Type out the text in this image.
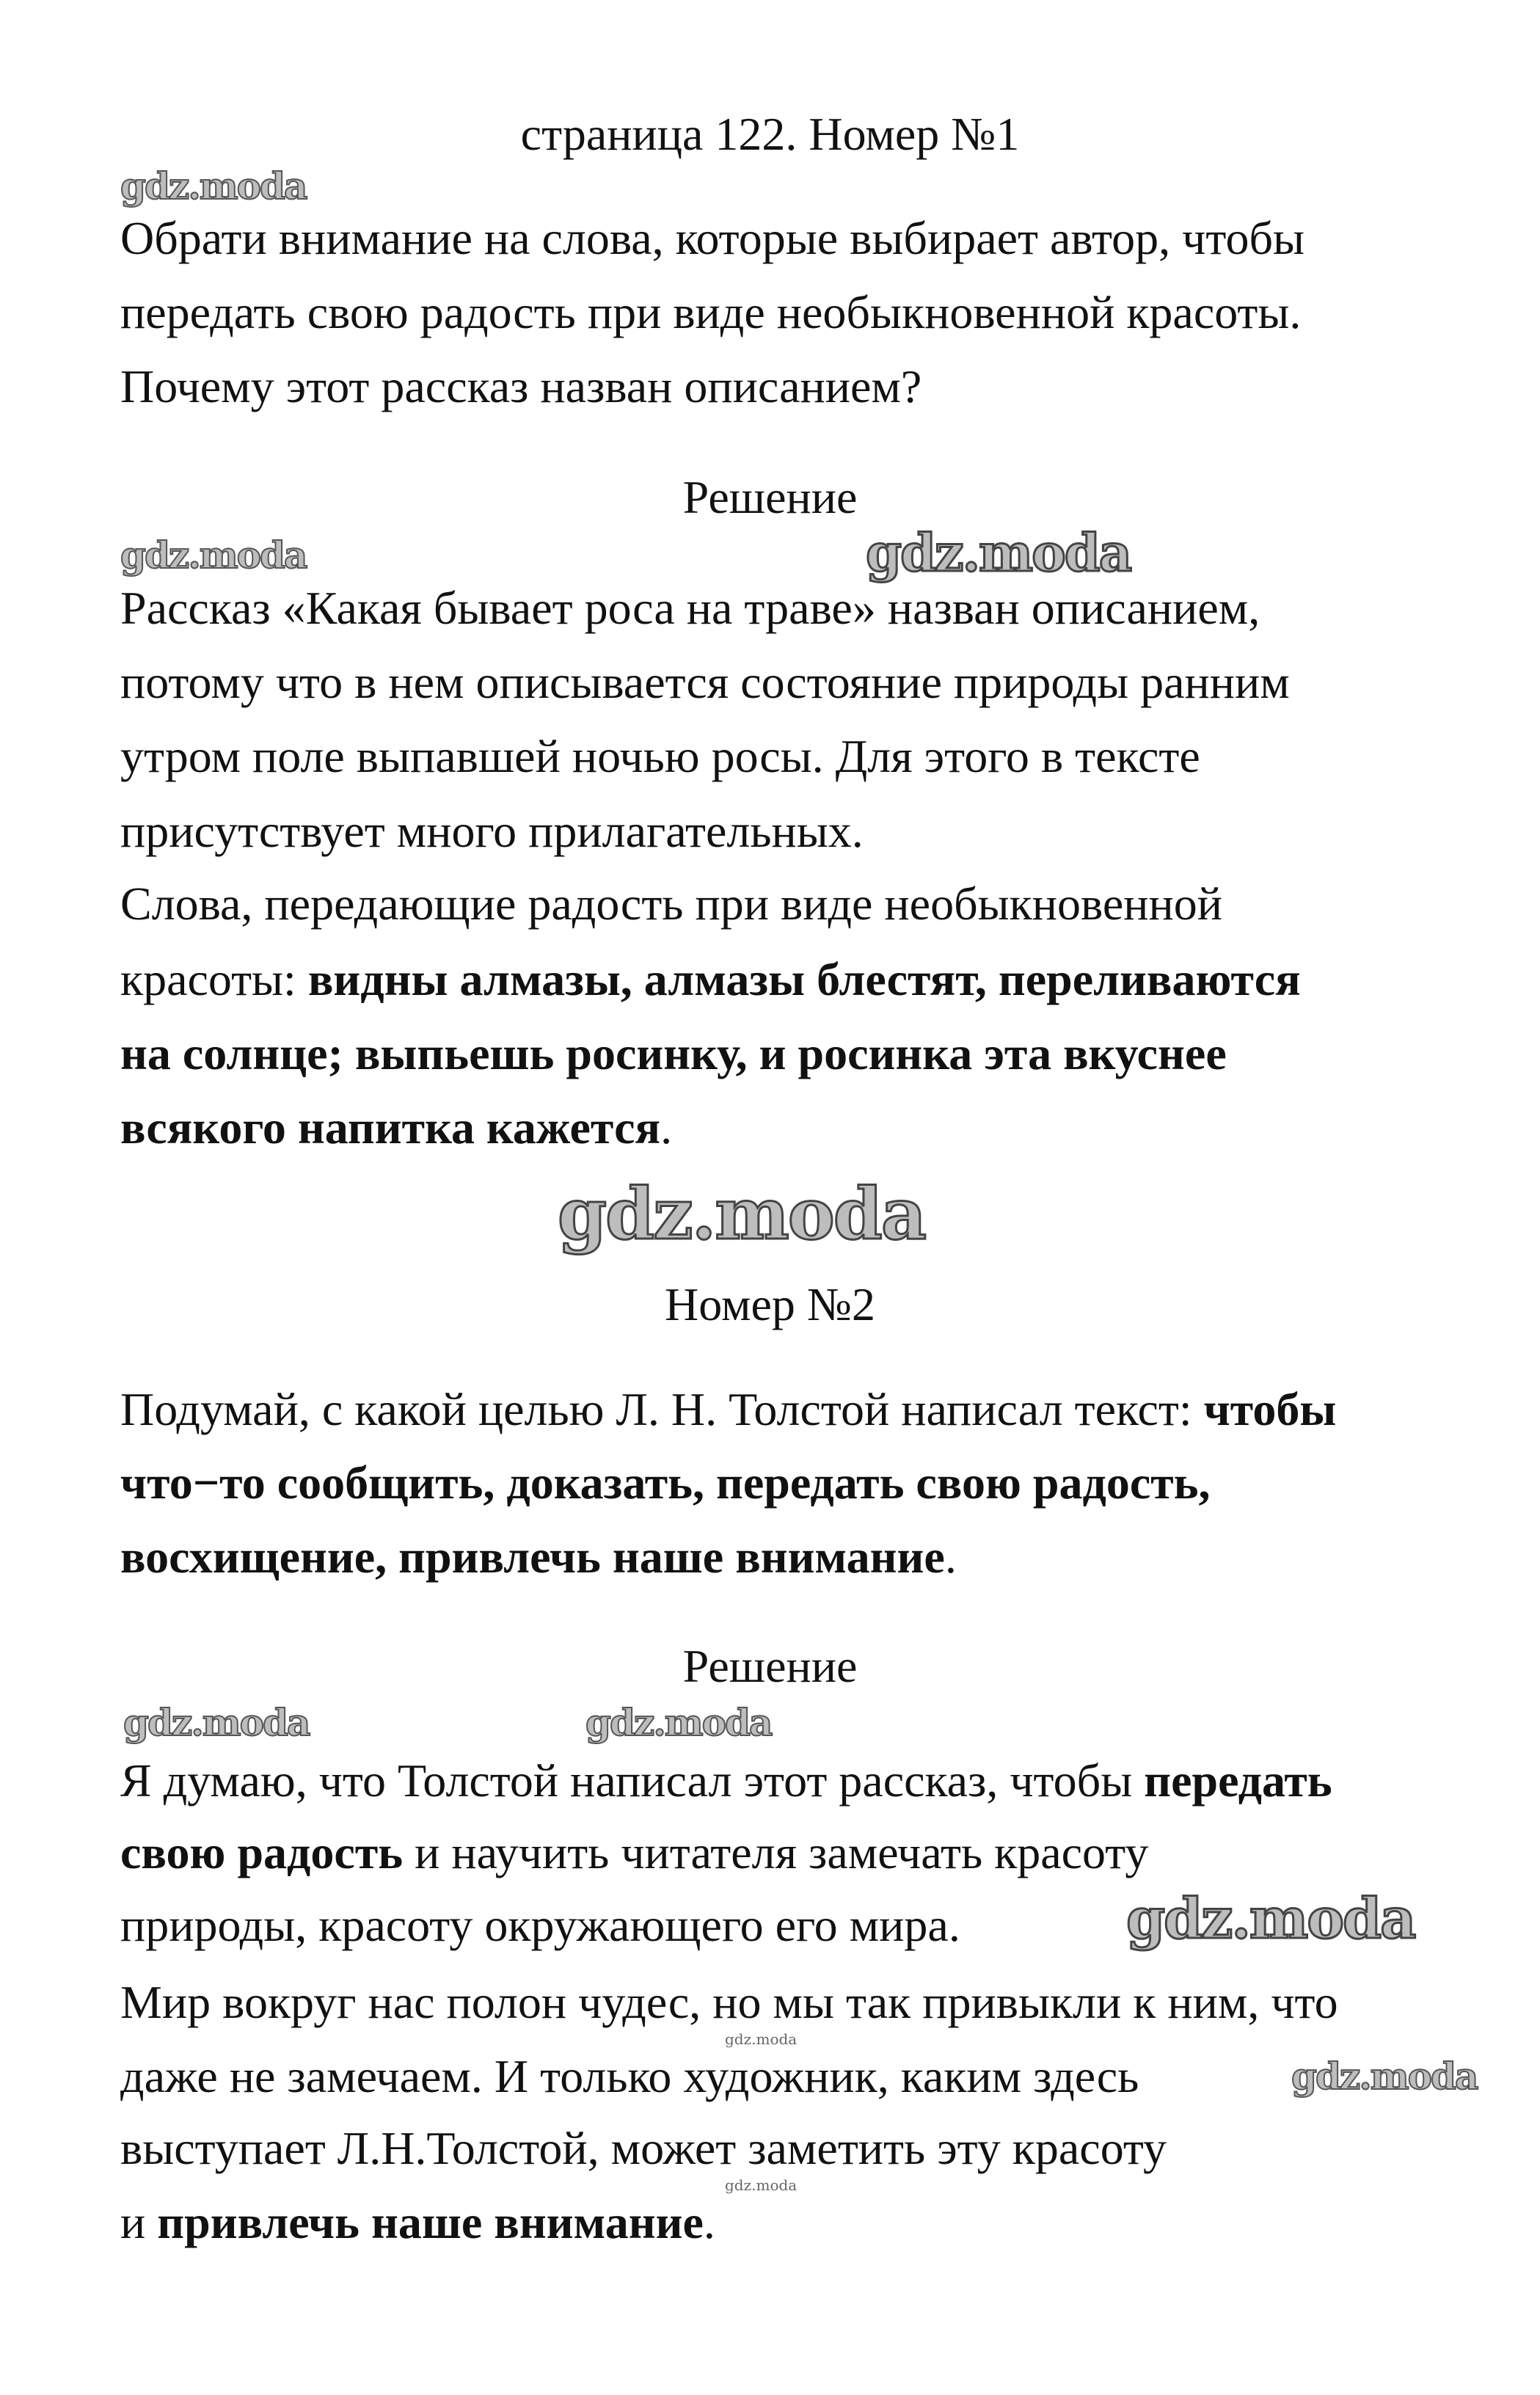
страница 122. Номер №1
gdz.moda
Обрати внимание на слова, которые выбирает автор, чтобы
передать свою радость при виде необыкновенной красоты.
Почему этот рассказ назван описанием?
Решение
gdz.moda	gdz.moda
Рассказ «Какая бывает роса на траве» назван описанием,
потому что в нем описывается состояние природы ранним
утром поле выпавшей ночью росы. Для этого в тексте
присутствует много прилагательных.
Слова, передающие радость при виде необыкновенной
красоты: видны алмазы, алмазы блестят, переливаются
на солнце; выпьешь росинку, и росинка эта вкуснее
всякого напитка кажется.
gdz.moda
Номер №2
Подумай, с какой целью Л. Н. Толстой написал текст: чтобы
что−то сообщить, доказать, передать свою радость,
восхищение, привлечь наше внимание.
Решение
gdz.moda	gdz.moda
Я думаю, что Толстой написал этот рассказ, чтобы передать
свою радость и научить читателя замечать красоту
природы, красоту окружающего его мира.	gdz.moda
Мир вокруг нас полон чудес, но мы так привыкли к ним, что
gdz.moda
даже не замечаем. И только художник, каким здесь	gdz.moda
выступает Л.Н.Толстой, может заметить эту красоту
gdz.moda
и привлечь наше внимание.
